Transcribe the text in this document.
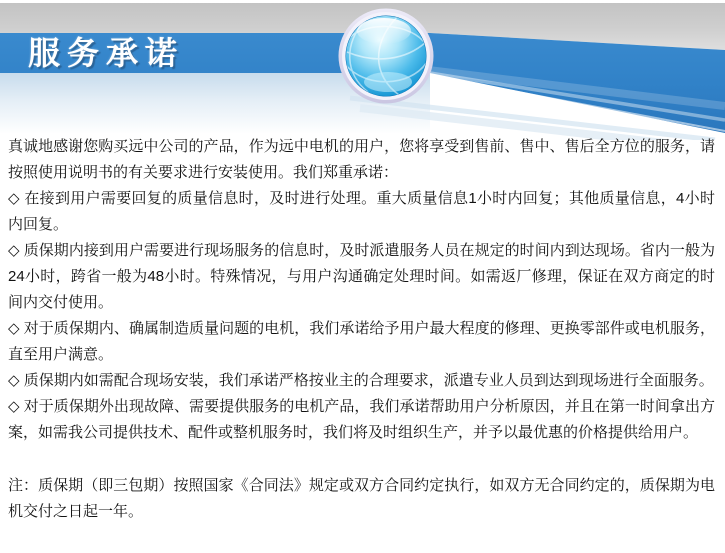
服务承诺

真诚地感谢您购买远中公司的产品，作为远中电机的用户，您将享受到售前、售中、售后全方位的服务，请按照使用说明书的有关要求进行安装使用。我们郑重承诺：

◇ 在接到用户需要回复的质量信息时，及时进行处理。重大质量信息1小时内回复；其他质量信息，4小时内回复。

◇ 质保期内接到用户需要进行现场服务的信息时，及时派遣服务人员在规定的时间内到达现场。省内一般为24小时，跨省一般为48小时。特殊情况，与用户沟通确定处理时间。如需返厂修理，保证在双方商定的时间内交付使用。

◇ 对于质保期内、确属制造质量问题的电机，我们承诺给予用户最大程度的修理、更换零部件或电机服务，直至用户满意。

◇ 质保期内如需配合现场安装，我们承诺严格按业主的合理要求，派遣专业人员到达到现场进行全面服务。

◇ 对于质保期外出现故障、需要提供服务的电机产品，我们承诺帮助用户分析原因，并且在第一时间拿出方案，如需我公司提供技术、配件或整机服务时，我们将及时组织生产，并予以最优惠的价格提供给用户。

注：质保期（即三包期）按照国家《合同法》规定或双方合同约定执行，如双方无合同约定的，质保期为电机交付之日起一年。
